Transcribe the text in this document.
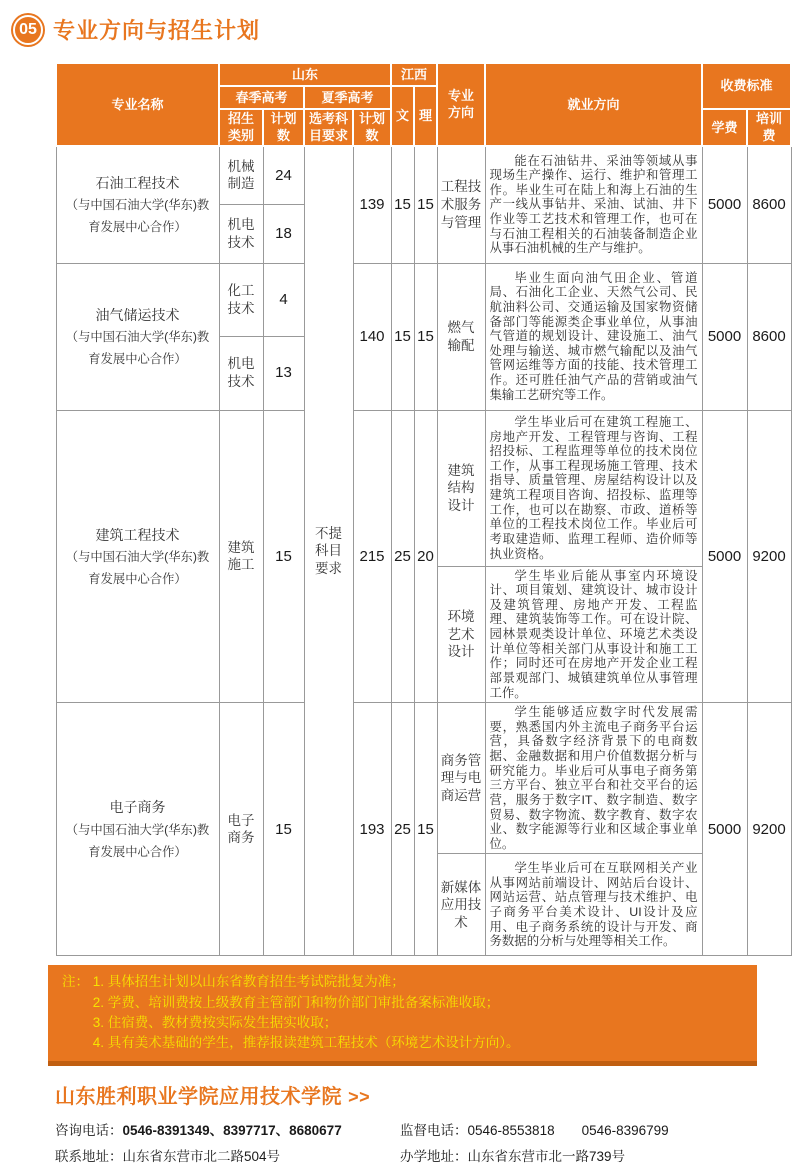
05 专业方向与招生计划
专业名称	山东				江西		专业方向	就业方向	收费标准	
	春季高考		夏季高考		文	理				
	招生类别	计划数	选考科目要求	计划数					学费	培训费

石油工程技术
（与中国石油大学(华东)教育发展中心合作）	机械制造	24	不提科目要求	139	15	15	工程技术服务与管理	能在石油钻井、采油等领域从事现场生产操作、运行、维护和管理工作。毕业生可在陆上和海上石油的生产一线从事钻井、采油、试油、井下作业等工艺技术和管理工作，也可在与石油工程相关的石油装备制造企业从事石油机械的生产与维护。	5000	8600
	机电技术	18								

油气储运技术
（与中国石油大学(华东)教育发展中心合作）	化工技术	4		140	15	15	燃气输配	毕业生面向油气田企业、管道局、石油化工企业、天然气公司、民航油料公司、交通运输及国家物资储备部门等能源类企事业单位，从事油气管道的规划设计、建设施工、油气处理与输送、城市燃气输配以及油气管网运维等方面的技能、技术管理工作。还可胜任油气产品的营销或油气集输工艺研究等工作。	5000	8600
	机电技术	13								

建筑工程技术
（与中国石油大学(华东)教育发展中心合作）	建筑施工	15		215	25	20	建筑结构设计	学生毕业后可在建筑工程施工、房地产开发、工程管理与咨询、工程招投标、工程监理等单位的技术岗位工作，从事工程现场施工管理、技术指导、质量管理、房屋结构设计以及建筑工程项目咨询、招投标、监理等工作，也可以在勘察、市政、道桥等单位的工程技术岗位工作。毕业后可考取建造师、监理工程师、造价师等执业资格。	5000	9200
							环境艺术设计	学生毕业后能从事室内环境设计、项目策划、建筑设计、城市设计及建筑管理、房地产开发、工程监理、建筑装饰等工作。可在设计院、园林景观类设计单位、环境艺术类设计单位等相关部门从事设计和施工工作；同时还可在房地产开发企业工程部景观部门、城镇建筑单位从事管理工作。		

电子商务
（与中国石油大学(华东)教育发展中心合作）	电子商务	15		193	25	15	商务管理与电商运营	学生能够适应数字时代发展需要，熟悉国内外主流电子商务平台运营，具备数字经济背景下的电商数据、金融数据和用户价值数据分析与研究能力。毕业后可从事电子商务第三方平台、独立平台和社交平台的运营，服务于数字IT、数字制造、数字贸易、数字物流、数字教育、数字农业、数字能源等行业和区域企事业单位。	5000	9200
							新媒体应用技术	学生毕业后可在互联网相关产业从事网站前端设计、网站后台设计、网站运营、站点管理与技术维护、电子商务平台美术设计、UI设计及应用、电子商务系统的设计与开发、商务数据的分析与处理等相关工作。		

注： 1. 具体招生计划以山东省教育招生考试院批复为准；
2. 学费、培训费按上级教育主管部门和物价部门审批备案标准收取；
3. 住宿费、教材费按实际发生据实收取；
4. 具有美术基础的学生，推荐报读建筑工程技术（环境艺术设计方向）。
山东胜利职业学院应用技术学院 >>
咨询电话：0546-8391349、8397717、8680677	监督电话：0546-8553818　　0546-8396799
联系地址：山东省东营市北二路504号	办学地址：山东省东营市北一路739号
